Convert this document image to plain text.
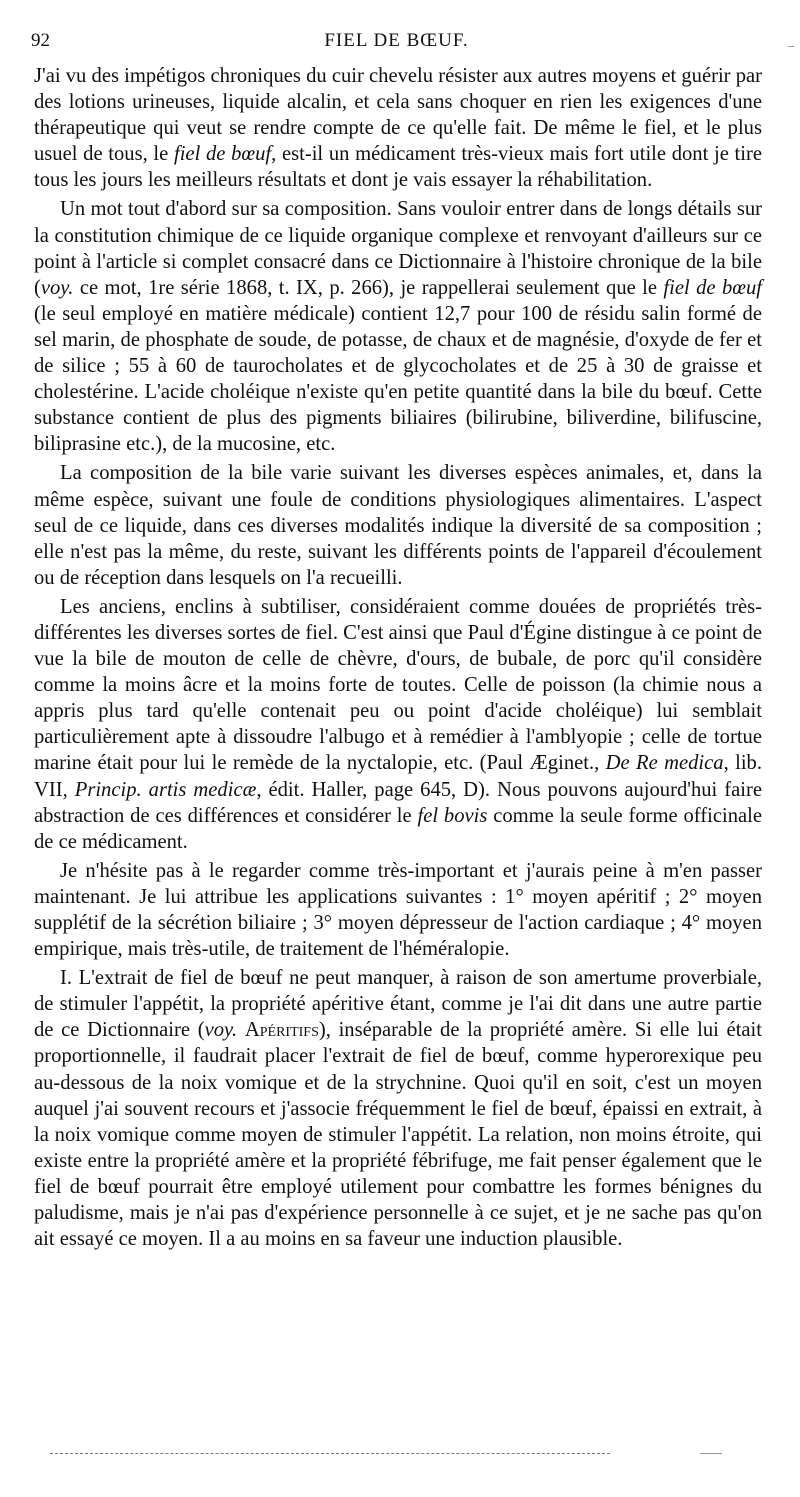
92	FIEL DE BŒUF.

J'ai vu des impétigos chroniques du cuir chevelu résister aux autres moyens et guérir par des lotions urineuses, liquide alcalin, et cela sans choquer en rien les exigences d'une thérapeutique qui veut se rendre compte de ce qu'elle fait. De même le fiel, et le plus usuel de tous, le fiel de bœuf, est-il un médicament très-vieux mais fort utile dont je tire tous les jours les meilleurs résultats et dont je vais essayer la réhabilitation.

Un mot tout d'abord sur sa composition. Sans vouloir entrer dans de longs détails sur la constitution chimique de ce liquide organique complexe et renvoyant d'ailleurs sur ce point à l'article si complet consacré dans ce Dictionnaire à l'histoire chronique de la bile (voy. ce mot, 1re série 1868, t. IX, p. 266), je rappellerai seulement que le fiel de bœuf (le seul employé en matière médicale) contient 12,7 pour 100 de résidu salin formé de sel marin, de phosphate de soude, de potasse, de chaux et de magnésie, d'oxyde de fer et de silice ; 55 à 60 de taurocholates et de glycocholates et de 25 à 30 de graisse et cholestérine. L'acide choléique n'existe qu'en petite quantité dans la bile du bœuf. Cette substance contient de plus des pigments biliaires (bilirubine, biliverdine, bilifuscine, biliprasine etc.), de la mucosine, etc.

La composition de la bile varie suivant les diverses espèces animales, et, dans la même espèce, suivant une foule de conditions physiologiques alimentaires. L'aspect seul de ce liquide, dans ces diverses modalités indique la diversité de sa composition ; elle n'est pas la même, du reste, suivant les différents points de l'appareil d'écoulement ou de réception dans lesquels on l'a recueilli.

Les anciens, enclins à subtiliser, considéraient comme douées de propriétés très-différentes les diverses sortes de fiel. C'est ainsi que Paul d'Égine distingue à ce point de vue la bile de mouton de celle de chèvre, d'ours, de bubale, de porc qu'il considère comme la moins âcre et la moins forte de toutes. Celle de poisson (la chimie nous a appris plus tard qu'elle contenait peu ou point d'acide choléique) lui semblait particulièrement apte à dissoudre l'albugo et à remédier à l'amblyopie ; celle de tortue marine était pour lui le remède de la nyctalopie, etc. (Paul Æginet., De Re medica, lib. VII, Princip. artis medicæ, édit. Haller, page 645, D). Nous pouvons aujourd'hui faire abstraction de ces différences et considérer le fel bovis comme la seule forme officinale de ce médicament.

Je n'hésite pas à le regarder comme très-important et j'aurais peine à m'en passer maintenant. Je lui attribue les applications suivantes : 1° moyen apéritif ; 2° moyen supplétif de la sécrétion biliaire ; 3° moyen dépresseur de l'action cardiaque ; 4° moyen empirique, mais très-utile, de traitement de l'héméralopie.

I. L'extrait de fiel de bœuf ne peut manquer, à raison de son amertume proverbiale, de stimuler l'appétit, la propriété apéritive étant, comme je l'ai dit dans une autre partie de ce Dictionnaire (voy. Apéritifs), inséparable de la propriété amère. Si elle lui était proportionnelle, il faudrait placer l'extrait de fiel de bœuf, comme hyperorexique peu au-dessous de la noix vomique et de la strychnine. Quoi qu'il en soit, c'est un moyen auquel j'ai souvent recours et j'associe fréquemment le fiel de bœuf, épaissi en extrait, à la noix vomique comme moyen de stimuler l'appétit. La relation, non moins étroite, qui existe entre la propriété amère et la propriété fébrifuge, me fait penser également que le fiel de bœuf pourrait être employé utilement pour combattre les formes bénignes du paludisme, mais je n'ai pas d'expérience personnelle à ce sujet, et je ne sache pas qu'on ait essayé ce moyen. Il a au moins en sa faveur une induction plausible.
